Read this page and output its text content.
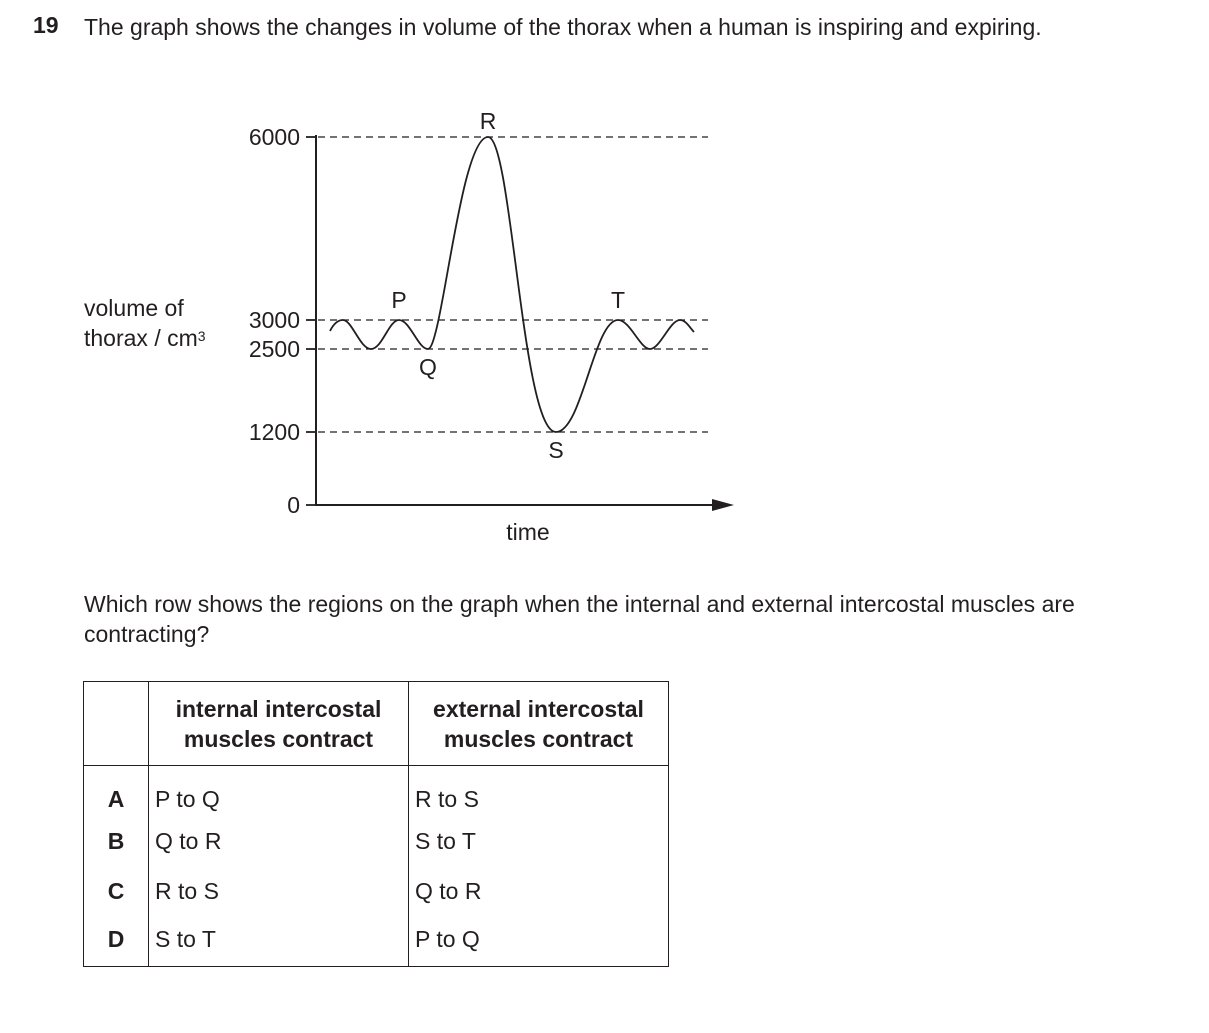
19 The graph shows the changes in volume of the thorax when a human is inspiring and expiring.
volume of
thorax / $cm^3$
6000
3000
2500
1200
0
P
Q
R
S
T
time
Which row shows the regions on the graph when the internal and external intercostal muscles are contracting?
	internal intercostal muscles contract	external intercostal muscles contract
A	P to Q	R to S
B	Q to R	S to T
C	R to S	Q to R
D	S to T	P to Q
